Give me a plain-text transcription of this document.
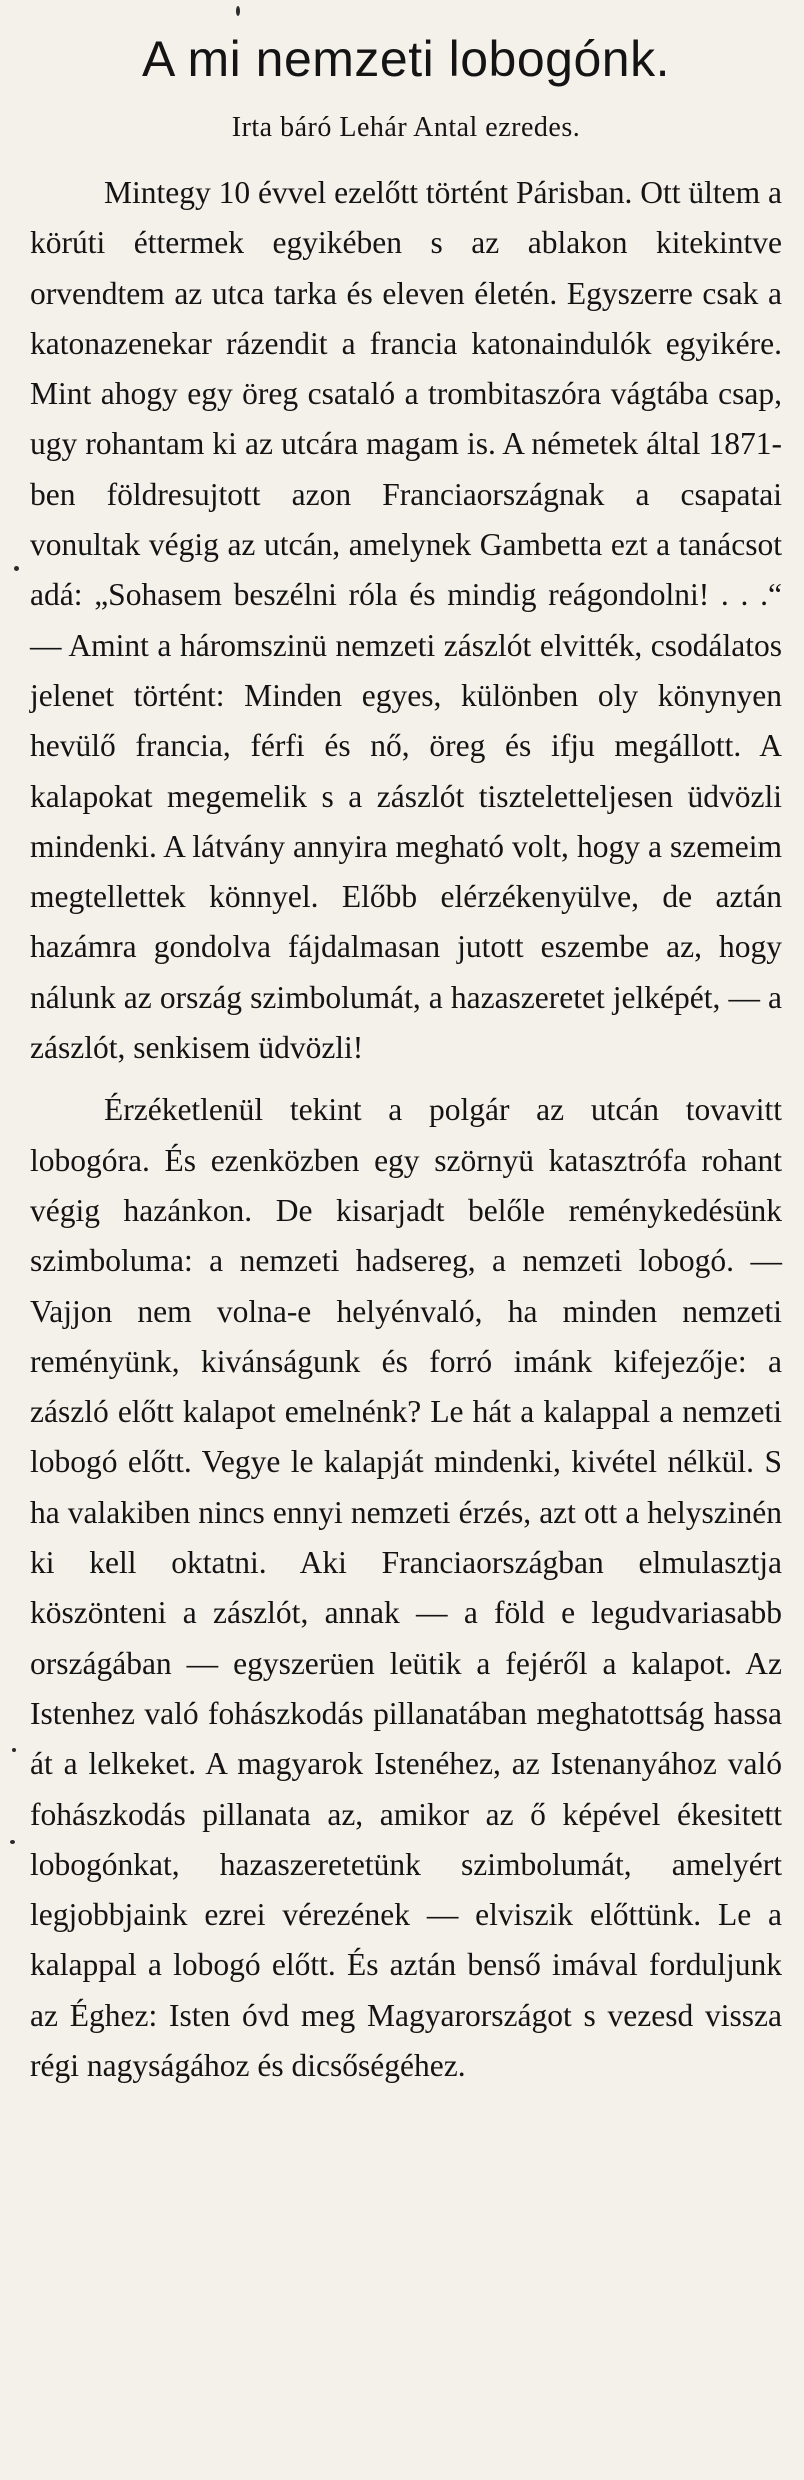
A mi nemzeti lobogónk.
Irta báró Lehár Antal ezredes.

Mintegy 10 évvel ezelőtt történt Párisban. Ott ültem a körúti éttermek egyikében s az ablakon kitekintve orvendtem az utca tarka és eleven életén. Egyszerre csak a katonazenekar rázendit a francia katonaindulók egyikére. Mint ahogy egy öreg csataló a trombitaszóra vágtába csap, ugy rohantam ki az utcára magam is. A németek által 1871-ben földresujtott azon Franciaországnak a csapatai vonultak végig az utcán, amelynek Gambetta ezt a tanácsot adá: „Sohasem beszélni róla és mindig reágondolni! . . .“ — Amint a háromszinü nemzeti zászlót elvitték, csodálatos jelenet történt: Minden egyes, különben oly könynyen hevülő francia, férfi és nő, öreg és ifju megállott. A kalapokat megemelik s a zászlót tiszteletteljesen üdvözli mindenki. A látvány annyira megható volt, hogy a szemeim megtellettek könnyel. Előbb elérzékenyülve, de aztán hazámra gondolva fájdalmasan jutott eszembe az, hogy nálunk az ország szimbolumát, a hazaszeretet jelképét, — a zászlót, senkisem üdvözli!

Érzéketlenül tekint a polgár az utcán tovavitt lobogóra. És ezenközben egy szörnyü katasztrófa rohant végig hazánkon. De kisarjadt belőle reménykedésünk szimboluma: a nemzeti hadsereg, a nemzeti lobogó. — Vajjon nem volna-e helyénvaló, ha minden nemzeti reményünk, kivánságunk és forró imánk kifejezője: a zászló előtt kalapot emelnénk? Le hát a kalappal a nemzeti lobogó előtt. Vegye le kalapját mindenki, kivétel nélkül. S ha valakiben nincs ennyi nemzeti érzés, azt ott a helyszinén ki kell oktatni. Aki Franciaországban elmulasztja köszönteni a zászlót, annak — a föld e legudvariasabb országában — egyszerüen leütik a fejéről a kalapot. Az Istenhez való fohászkodás pillanatában meghatottság hassa át a lelkeket. A magyarok Istenéhez, az Istenanyához való fohászkodás pillanata az, amikor az ő képével ékesitett lobogónkat, hazaszeretetünk szimbolumát, amelyért legjobbjaink ezrei vérezének — elviszik előttünk. Le a kalappal a lobogó előtt. És aztán benső imával forduljunk az Éghez: Isten óvd meg Magyarországot s vezesd vissza régi nagyságához és dicsőségéhez.
